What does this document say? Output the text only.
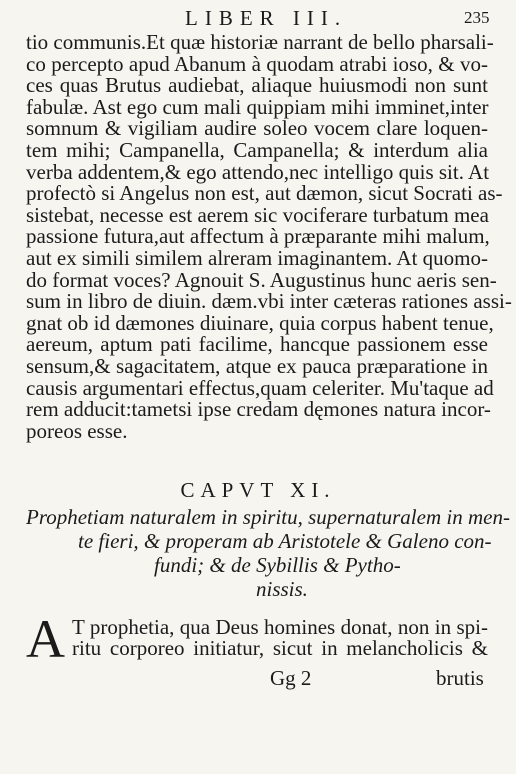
LIBER III.	235
tio communis.Et quæ historiæ narrant de bello pharsali-
co percepto apud Abanum à quodam atrabi ioso, & vo-
ces quas Brutus audiebat, aliaque huiusmodi non sunt
fabulæ. Ast ego cum mali quippiam mihi imminet,inter
somnum & vigiliam audire soleo vocem clare loquen-
tem mihi; Campanella, Campanella; & interdum alia
verba addentem,& ego attendo,nec intelligo quis sit. At
profectò si Angelus non est, aut dæmon, sicut Socrati as-
sistebat, necesse est aerem sic vociferare turbatum mea
passione futura,aut affectum à præparante mihi malum,
aut ex simili similem alreram imaginantem. At quomo-
do format voces? Agnouit S. Augustinus hunc aeris sen-
sum in libro de diuin. dæm.vbi inter cæteras rationes assi-
gnat ob id dæmones diuinare, quia corpus habent tenue,
aereum, aptum pati facilime, hancque passionem esse
sensum,& sagacitatem, atque ex pauca præparatione in
causis argumentari effectus,quam celeriter. Mu'taque ad
rem adducit:tametsi ipse credam dęmones natura incor-
poreos esse.
CAPVT XI.
Prophetiam naturalem in spiritu, supernaturalem in men-
te fieri, & properam ab Aristotele & Galeno con-
fundi; & de Sybillis & Pytho-
nissis.
A T prophetia, qua Deus homines donat, non in spi-
ritu corporeo initiatur, sicut in melancholicis &
Gg 2	brutis
